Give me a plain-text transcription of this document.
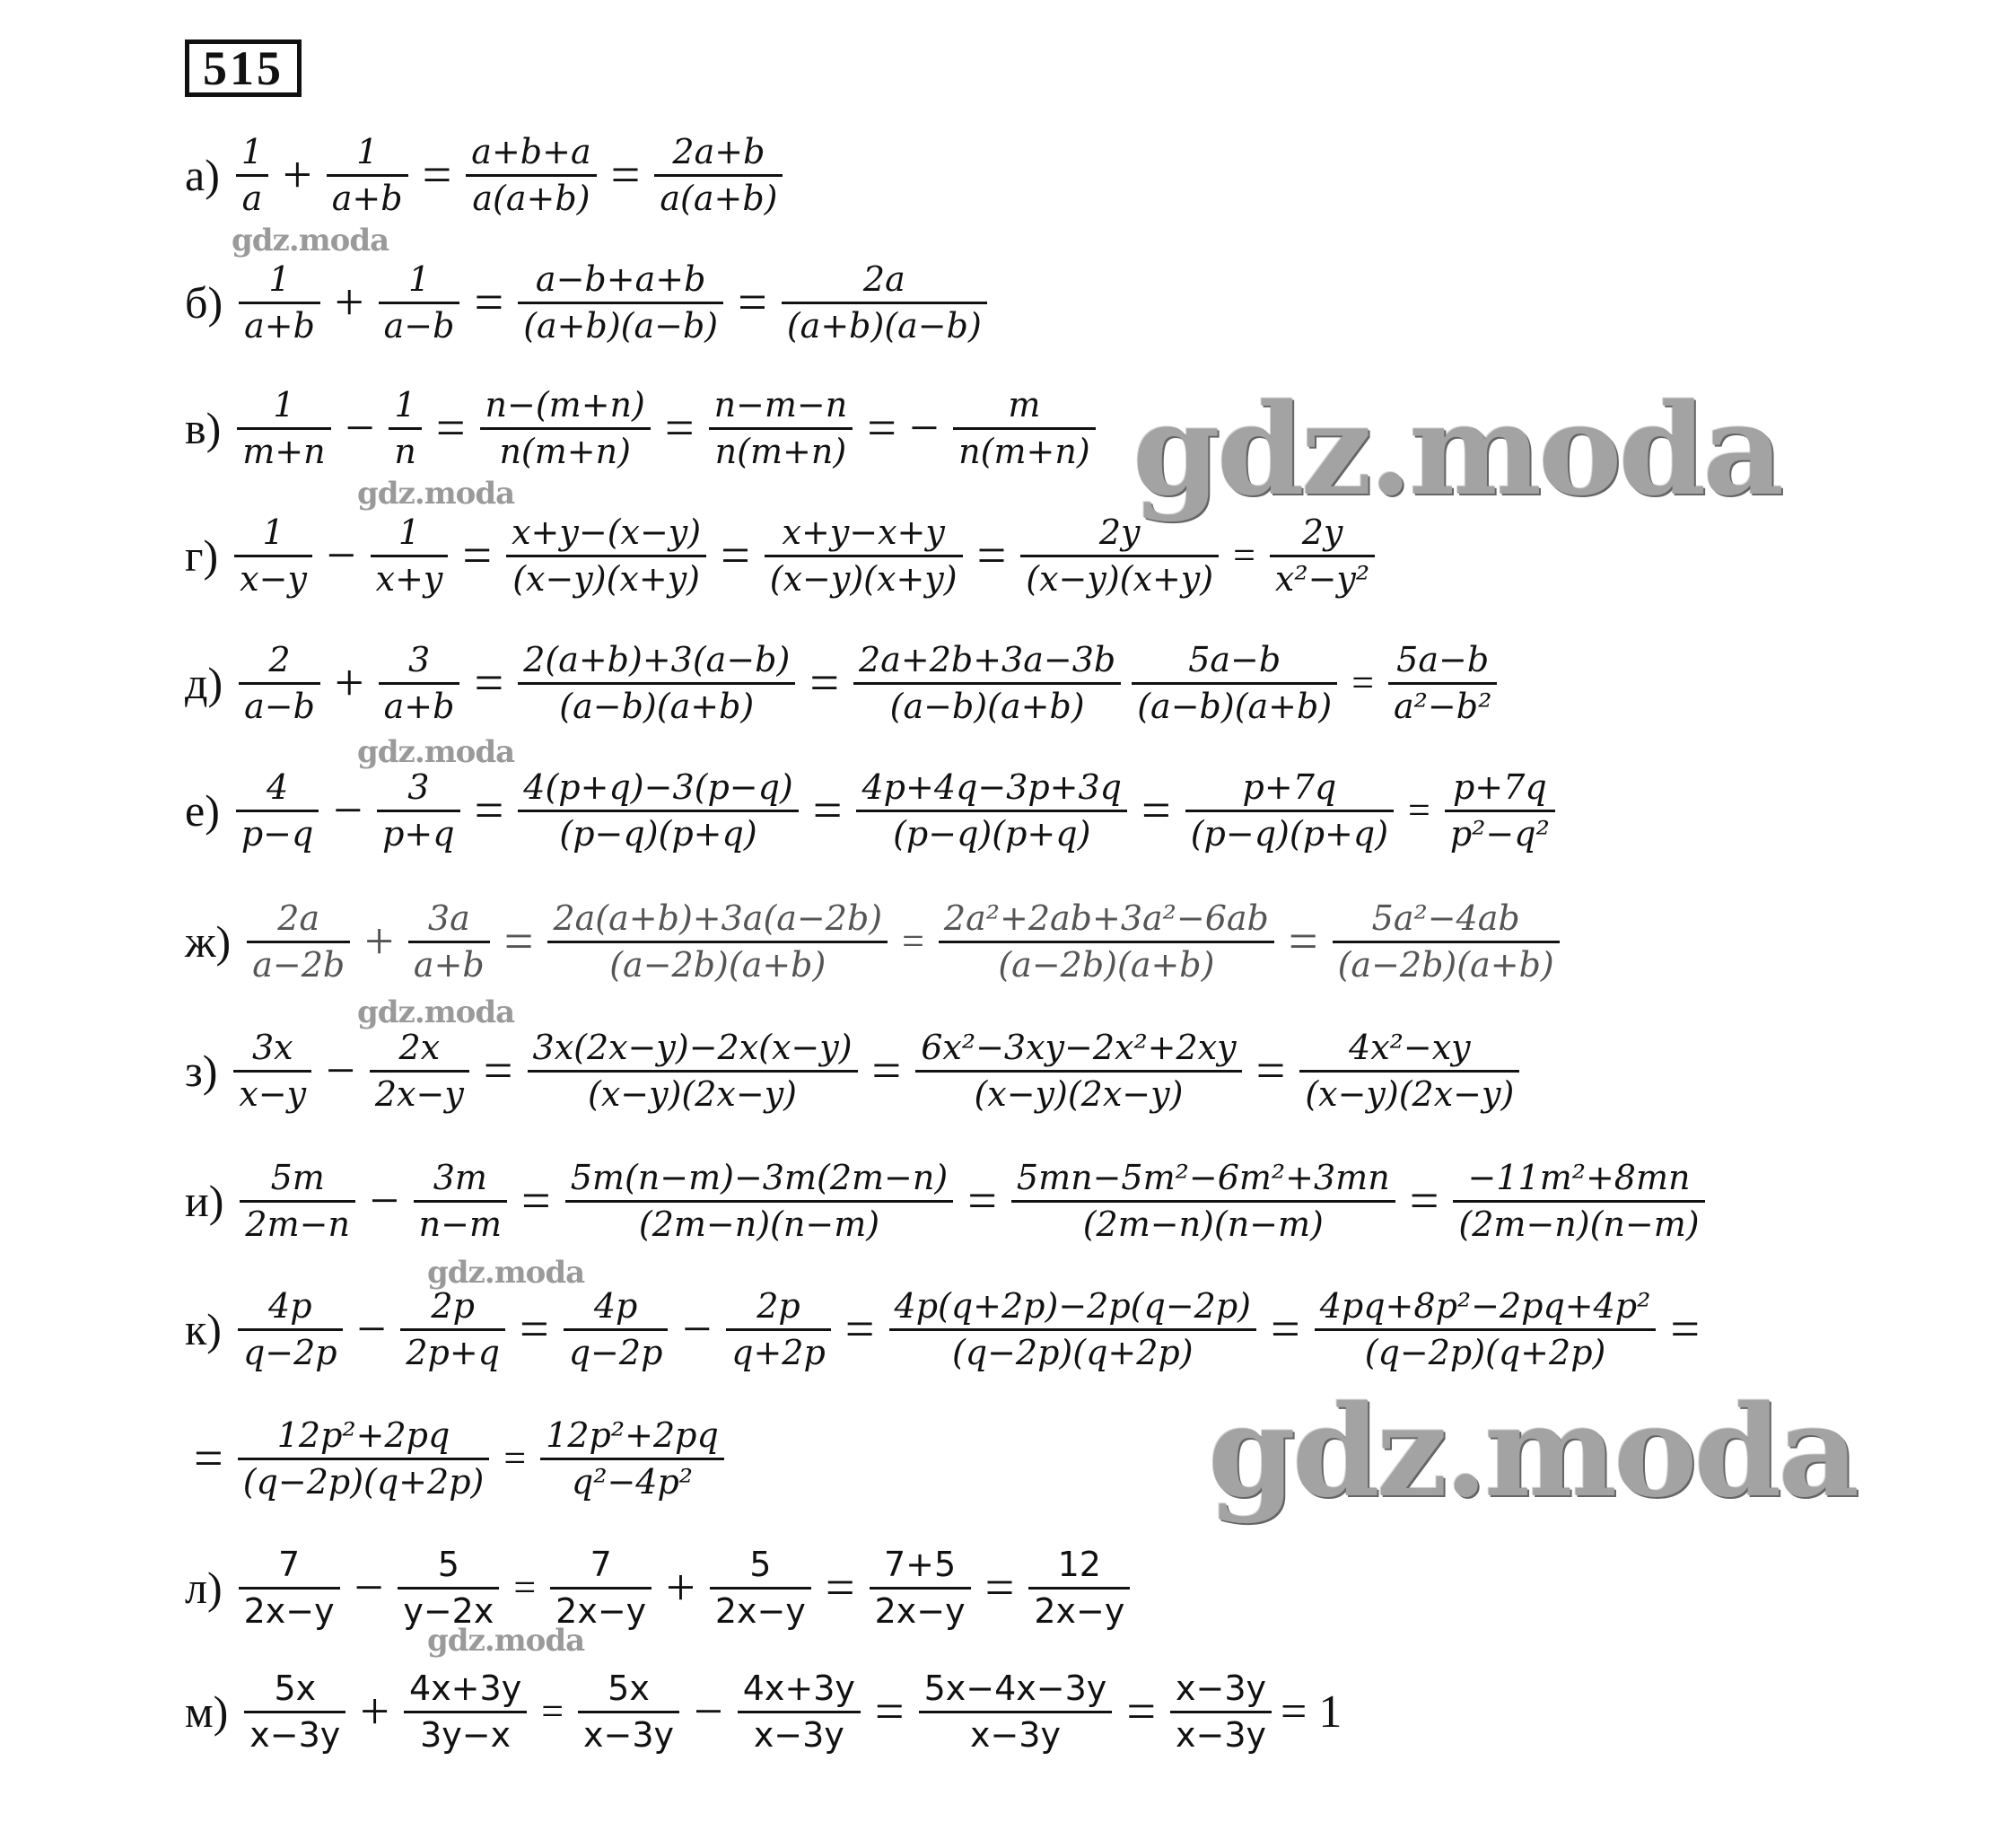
515
$а) \frac{1}{a} + \frac{1}{a+b} = \frac{a+b+a}{a(a+b)} = \frac{2a+b}{a(a+b)}$
$б) \frac{1}{a+b} + \frac{1}{a-b} = \frac{a-b+a+b}{(a+b)(a-b)} = \frac{2a}{(a+b)(a-b)}$
$в) \frac{1}{m+n} - \frac{1}{n} = \frac{n-(m+n)}{n(m+n)} = \frac{n-m-n}{n(m+n)}$ = − $\frac{m}{n(m+n)}$
$г) \frac{1}{x-y} - \frac{1}{x+y} = \frac{x+y-(x-y)}{(x-y)(x+y)} = \frac{x+y-x+y}{(x-y)(x+y)} = \frac{2y}{(x-y)(x+y)} = \frac{2y}{\text{x²−y²}}$
$д) \frac{2}{a-b} + \frac{3}{a+b} = \frac{2(a+b)+3(a-b)}{(a-b)(a+b)} = \frac{2a+2b+3a-3b}{(a-b)(a+b)} \frac{5a-b}{(a-b)(a+b)} = \frac{5a-b}{\text{a²−b²}}$
$е) \frac{4}{p-q} - \frac{3}{p+q} = \frac{4(p+q)-3(p-q)}{(p-q)(p+q)} = \frac{4p+4q-3p+3q}{(p-q)(p+q)} = \frac{p+7q}{(p-q)(p+q)} = \frac{p+7q}{\text{p²−q²}}$
$ж) \frac{2a}{a-2b} + \frac{3a}{a+b} = \frac{2a(a+b)+3a(a-2b)}{(a-2b)(a+b)} = \frac{\text{2a²+2ab+3a²−6ab}}{(a-2b)(a+b)} = \frac{\text{5a²−4ab}}{(a-2b)(a+b)}$
$з) \frac{3x}{x-y} - \frac{2x}{2x-y} = \frac{3x(2x-y)-2x(x-y)}{(x-y)(2x-y)} = \frac{\text{6x²−3xy−2x²+2xy}}{(x-y)(2x-y)} = \frac{\text{4x²−xy}}{(x-y)(2x-y)}$
$и) \frac{5m}{2m-n} - \frac{3m}{n-m} = \frac{5m(n-m)-3m(2m-n)}{(2m-n)(n-m)} = \frac{\text{5mn−5m²−6m²+3mn}}{(2m-n)(n-m)} = \frac{\text{−11m²+8mn}}{(2m-n)(n-m)}$
$к) \frac{4p}{q-2p} - \frac{2p}{2p+q} = \frac{4p}{q-2p} - \frac{2p}{q+2p} = \frac{4p(q+2p)-2p(q-2p)}{(q-2p)(q+2p)} = \frac{\text{4pq+8p²−2pq+4p²}}{(q-2p)(q+2p)}$ =
= $\frac{\text{12p²+2pq}}{(q-2p)(q+2p)} = \frac{\text{12p²+2pq}}{\text{q²−4p²}}$
$л) \frac{7}{2x-y} - \frac{5}{y-2x} = \frac{7}{2x-y} + \frac{5}{2x-y} = \frac{7+5}{2x-y} = \frac{12}{2x-y}$
$м) \frac{5x}{x-3y} + \frac{4x+3y}{3y-x} = \frac{5x}{x-3y} - \frac{4x+3y}{x-3y} = \frac{5x-4x-3y}{x-3y} = \frac{x-3y}{x-3y} = 1$
gdz.moda
gdz.moda
gdz.moda
gdz.moda
gdz.moda
gdz.moda
gdz.moda
gdz.moda
